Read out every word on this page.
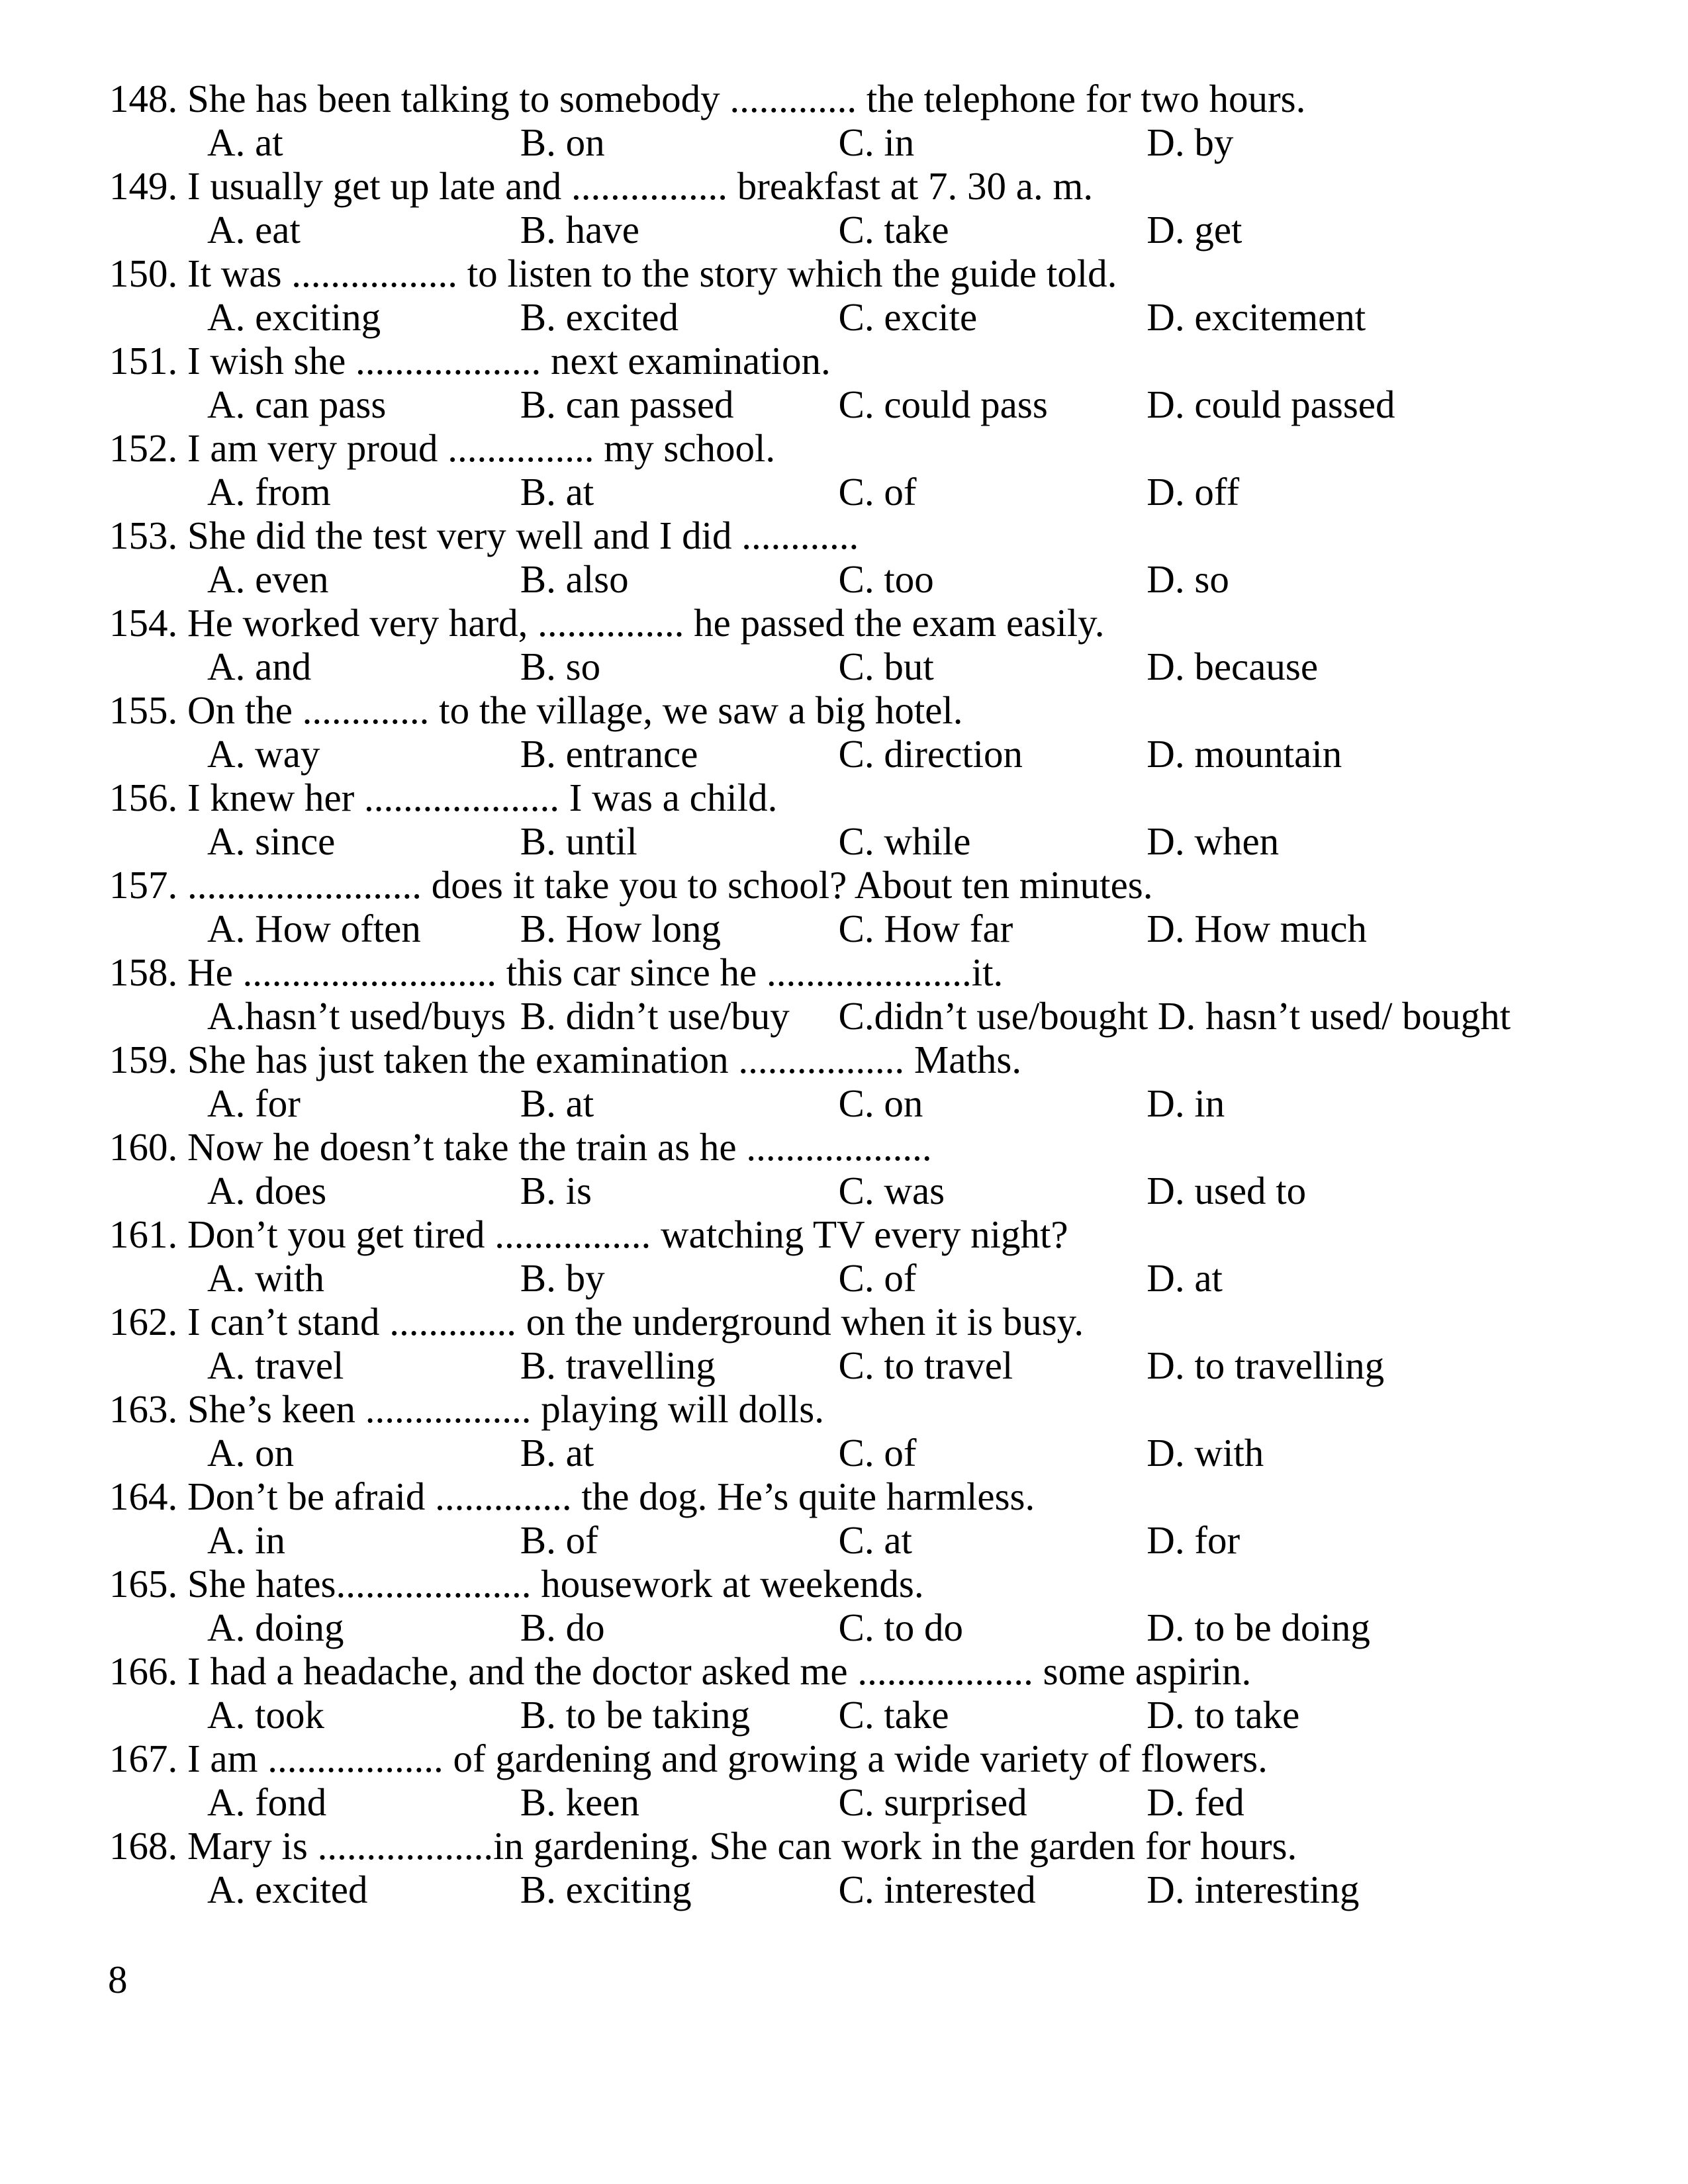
148. She has been talking to somebody ............. the telephone for two hours.
A. at	B. on	C. in	D. by
149. I usually get up late and ................ breakfast at 7. 30 a. m.
A. eat	B. have	C. take	D. get
150. It was ................. to listen to the story which the guide told.
A. exciting	B. excited	C. excite	D. excitement
151. I wish she ................... next examination.
A. can pass	B. can passed	C. could pass	D. could passed
152. I am very proud ............... my school.
A. from	B. at	C. of	D. off
153. She did the test very well and I did ............
A. even	B. also	C. too	D. so
154. He worked very hard, ............... he passed the exam easily.
A. and	B. so	C. but	D. because
155. On the ............. to the village, we saw a big hotel.
A. way	B. entrance	C. direction	D. mountain
156. I knew her .................... I was a child.
A. since	B. until	C. while	D. when
157. ........................ does it take you to school? About ten minutes.
A. How often	B. How long	C. How far	D. How much
158. He .......................... this car since he .....................it.
A.hasn’t used/buys B. didn’t use/buy C.didn’t use/bought D. hasn’t used/ bought
159. She has just taken the examination ................. Maths.
A. for	B. at	C. on	D. in
160. Now he doesn’t take the train as he ...................
A. does	B. is	C. was	D. used to
161. Don’t you get tired ................ watching TV every night?
A. with	B. by	C. of	D. at
162. I can’t stand ............. on the underground when it is busy.
A. travel	B. travelling	C. to travel	D. to travelling
163. She’s keen ................. playing will dolls.
A. on	B. at	C. of	D. with
164. Don’t be afraid .............. the dog. He’s quite harmless.
A. in	B. of	C. at	D. for
165. She hates.................... housework at weekends.
A. doing	B. do	C. to do	D. to be doing
166. I had a headache, and the doctor asked me .................. some aspirin.
A. took	B. to be taking C. take	D. to take
167. I am .................. of gardening and growing a wide variety of flowers.
A. fond	B. keen	C. surprised	D. fed
168. Mary is ..................in gardening. She can work in the garden for hours.
A. excited	B. exciting	C. interested	D. interesting
8
